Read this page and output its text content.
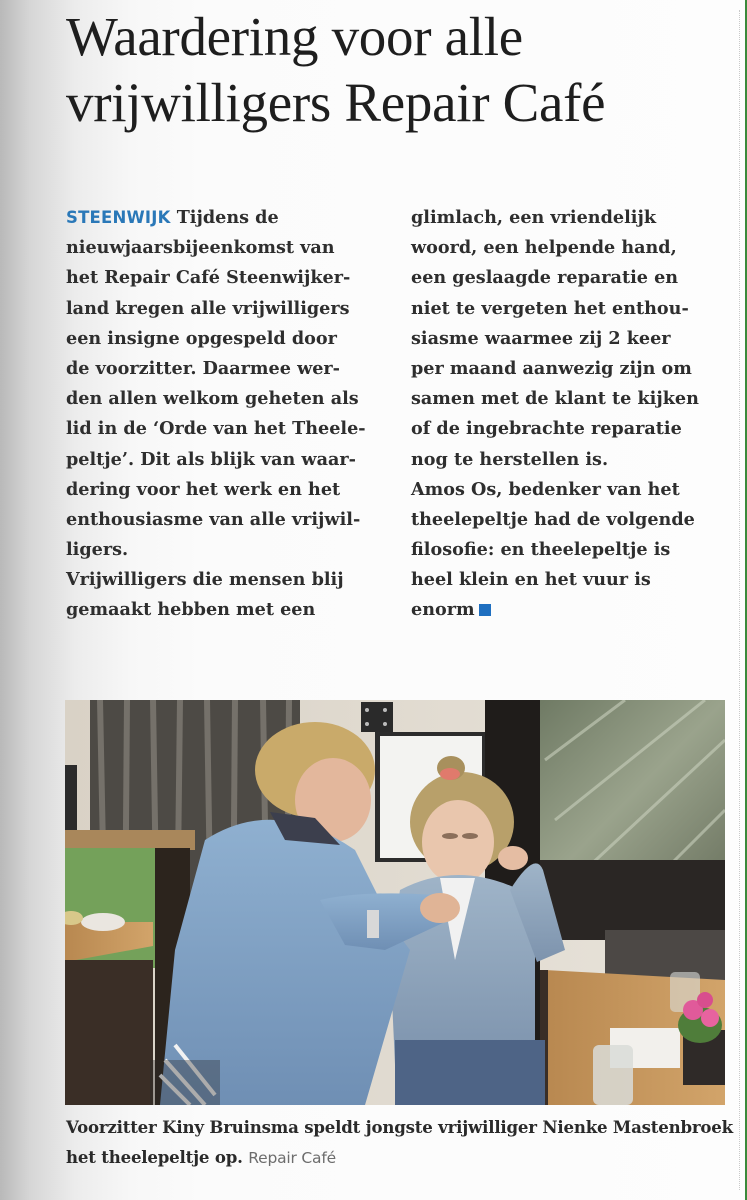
Waardering voor alle
vrijwilligers Repair Café
STEENWIJK Tijdens de
nieuwjaarsbijeenkomst van
het Repair Café Steenwijker-
land kregen alle vrijwilligers
een insigne opgespeld door
de voorzitter. Daarmee wer-
den allen welkom geheten als
lid in de ‘Orde van het Theele-
peltje’. Dit als blijk van waar-
dering voor het werk en het
enthousiasme van alle vrijwil-
ligers.
Vrijwilligers die mensen blij
gemaakt hebben met een
glimlach, een vriendelijk
woord, een helpende hand,
een geslaagde reparatie en
niet te vergeten het enthou-
siasme waarmee zij 2 keer
per maand aanwezig zijn om
samen met de klant te kijken
of de ingebrachte reparatie
nog te herstellen is.
Amos Os, bedenker van het
theelepeltje had de volgende
filosofie: en theelepeltje is
heel klein en het vuur is
enorm
Voorzitter Kiny Bruinsma speldt jongste vrijwilliger Nienke Mastenbroek het theelepeltje op. Repair Café
